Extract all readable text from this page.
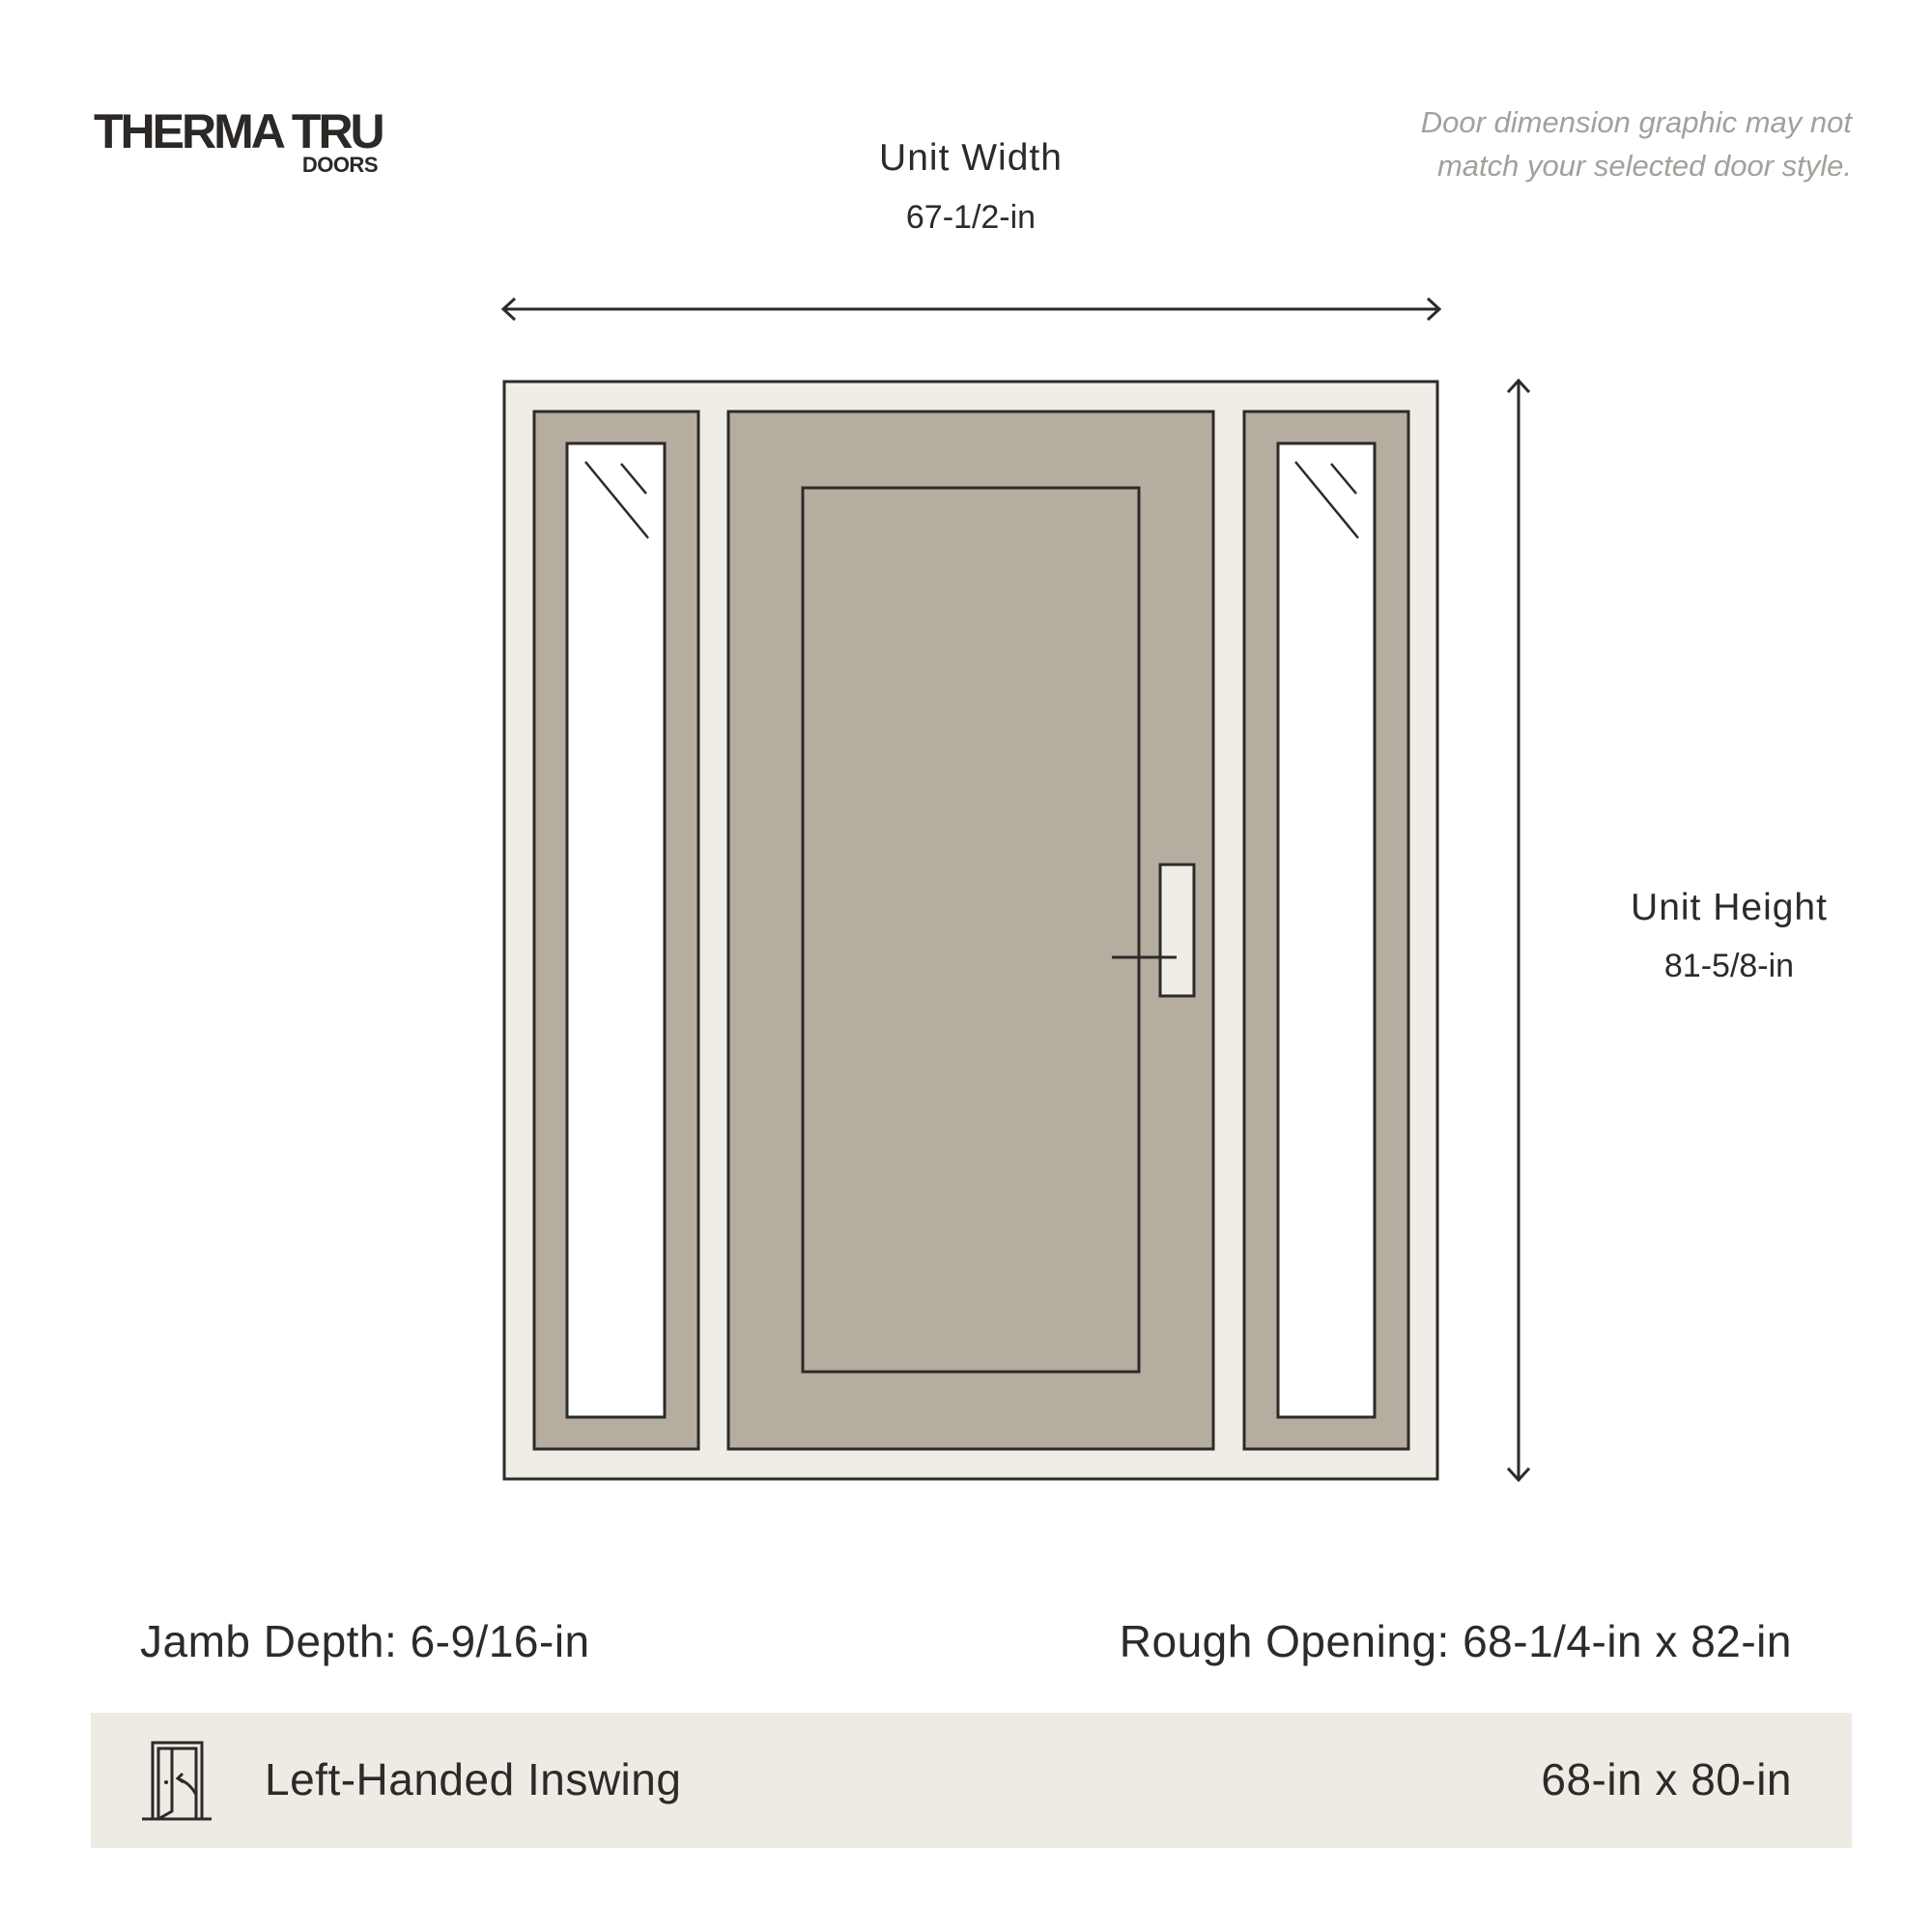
THERMA TRU
DOORS
Door dimension graphic may not
match your selected door style.
Unit Width
67-1/2-in
Unit Height
81-5/8-in
Jamb Depth: 6-9/16-in	Rough Opening: 68-1/4-in x 82-in
Left-Handed Inswing	68-in x 80-in
